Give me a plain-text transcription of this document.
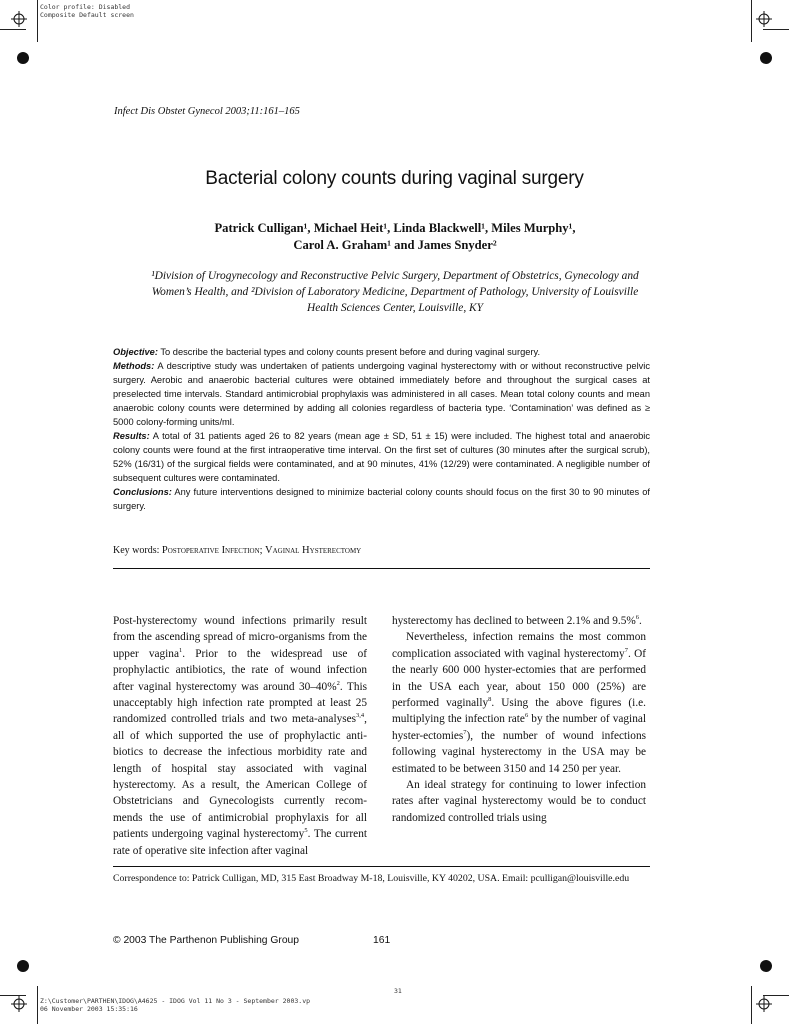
Color profile: Disabled
Composite Default screen
Infect Dis Obstet Gynecol 2003;11:161–165
Bacterial colony counts during vaginal surgery
Patrick Culligan¹, Michael Heit¹, Linda Blackwell¹, Miles Murphy¹,
Carol A. Graham¹ and James Snyder²
¹Division of Urogynecology and Reconstructive Pelvic Surgery, Department of Obstetrics, Gynecology and
Women’s Health, and ²Division of Laboratory Medicine, Department of Pathology, University of Louisville
Health Sciences Center, Louisville, KY

Objective: To describe the bacterial types and colony counts present before and during vaginal surgery.

Methods: A descriptive study was undertaken of patients undergoing vaginal hysterectomy with or without reconstructive pelvic surgery. Aerobic and anaerobic bacterial cultures were obtained immediately before and throughout the surgical cases at preselected time intervals. Standard antimicrobial prophylaxis was administered in all cases. Mean total colony counts and mean anaerobic colony counts were determined by adding all colonies regardless of bacteria type. ‘Contamination’ was defined as ≥ 5000 colony-forming units/ml.

Results: A total of 31 patients aged 26 to 82 years (mean age ± SD, 51 ± 15) were included. The highest total and anaerobic colony counts were found at the first intraoperative time interval. On the first set of cultures (30 minutes after the surgical scrub), 52% (16/31) of the surgical fields were contaminated, and at 90 minutes, 41% (12/29) were contaminated. A negligible number of subsequent cultures were contaminated.

Conclusions: Any future interventions designed to minimize bacterial colony counts should focus on the first 30 to 90 minutes of surgery.

Key words: Postoperative Infection; Vaginal Hysterectomy

Post-hysterectomy wound infections primarily result from the ascending spread of micro-organisms from the upper vagina$^1$. Prior to the widespread use of prophylactic antibiotics, the rate of wound infection after vaginal hysterectomy was around 30–40%$^2$. This unacceptably high infection rate prompted at least 25 randomized controlled trials and two meta-analyses$^{3,4}$, all of which supported the use of prophylactic anti-biotics to decrease the infectious morbidity rate and length of hospital stay associated with vaginal hysterectomy. As a result, the American College of Obstetricians and Gynecologists currently recom-mends the use of antimicrobial prophylaxis for all patients undergoing vaginal hysterectomy$^5$. The current rate of operative site infection after vaginal

hysterectomy has declined to between 2.1% and 9.5%$^6$.

Nevertheless, infection remains the most common complication associated with vaginal hysterectomy$^7$. Of the nearly 600 000 hyster-ectomies that are performed in the USA each year, about 150 000 (25%) are performed vaginally$^8$. Using the above figures (i.e. multiplying the infection rate$^6$ by the number of vaginal hyster-ectomies$^7$), the number of wound infections following vaginal hysterectomy in the USA may be estimated to be between 3150 and 14 250 per year.

An ideal strategy for continuing to lower infection rates after vaginal hysterectomy would be to conduct randomized controlled trials using

Correspondence to: Patrick Culligan, MD, 315 East Broadway M-18, Louisville, KY 40202, USA. Email: pculligan@louisville.edu
© 2003 The Parthenon Publishing Group	161
31
Z:\Customer\PARTHEN\IDOG\A4625 - IDOG Vol 11 No 3 - September 2003.vp
06 November 2003 15:35:16
